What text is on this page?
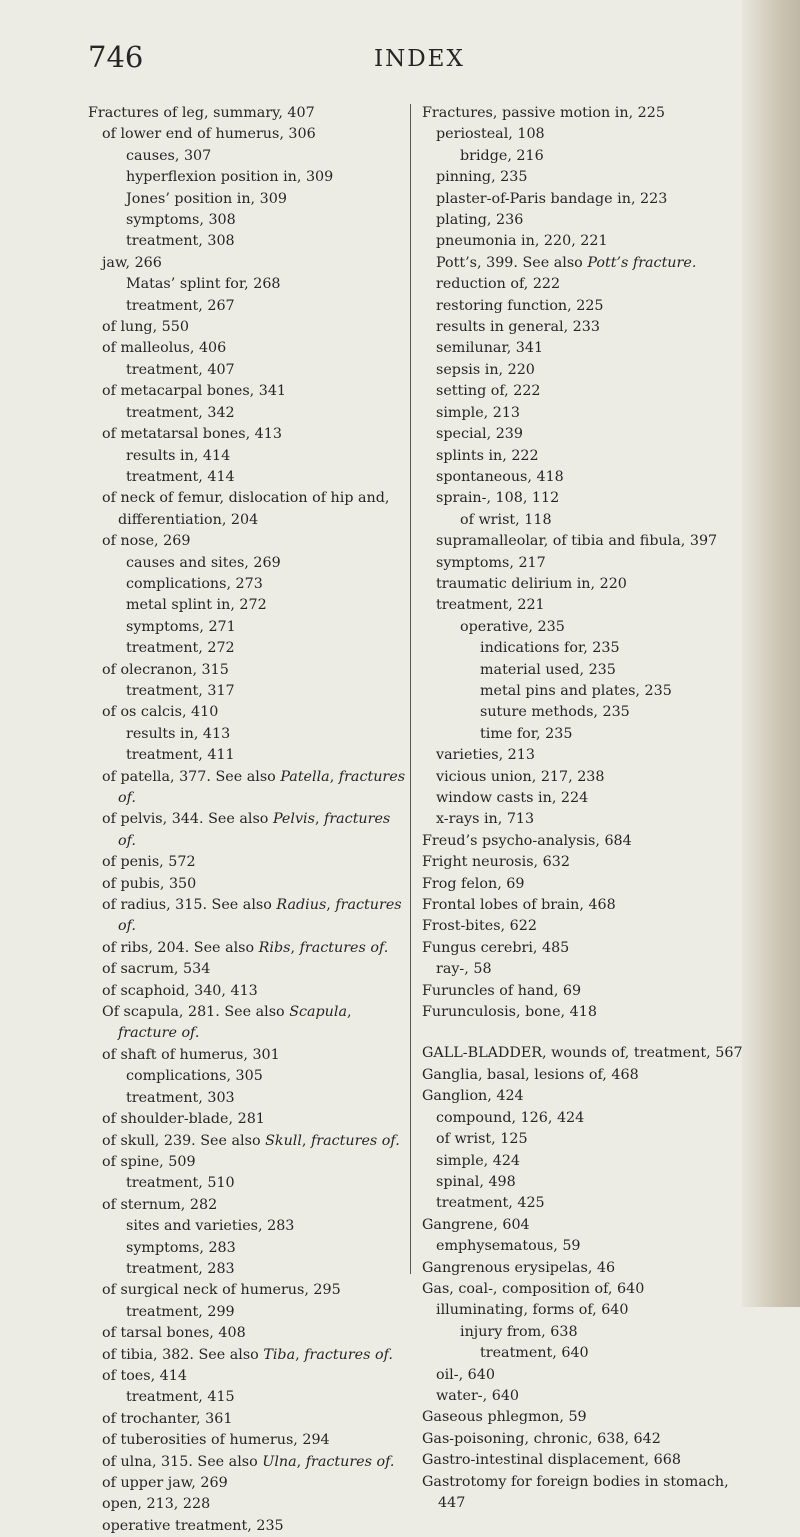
746	INDEX
Fractures of leg, summary, 407
of lower end of humerus, 306
causes, 307
hyperflexion position in, 309
Jones’ position in, 309
symptoms, 308
treatment, 308
jaw, 266
Matas’ splint for, 268
treatment, 267
of lung, 550
of malleolus, 406
treatment, 407
of metacarpal bones, 341
treatment, 342
of metatarsal bones, 413
results in, 414
treatment, 414
of neck of femur, dislocation of hip and, differentiation, 204
of nose, 269
causes and sites, 269
complications, 273
metal splint in, 272
symptoms, 271
treatment, 272
of olecranon, 315
treatment, 317
of os calcis, 410
results in, 413
treatment, 411
of patella, 377. See also Patella, fractures of.
of pelvis, 344. See also Pelvis, fractures of.
of penis, 572
of pubis, 350
of radius, 315. See also Radius, fractures of.
of ribs, 204. See also Ribs, fractures of.
of sacrum, 534
of scaphoid, 340, 413
Of scapula, 281. See also Scapula, fracture of.
of shaft of humerus, 301
complications, 305
treatment, 303
of shoulder-blade, 281
of skull, 239. See also Skull, fractures of.
of spine, 509
treatment, 510
of sternum, 282
sites and varieties, 283
symptoms, 283
treatment, 283
of surgical neck of humerus, 295
treatment, 299
of tarsal bones, 408
of tibia, 382. See also Tiba, fractures of.
of toes, 414
treatment, 415
of trochanter, 361
of tuberosities of humerus, 294
of ulna, 315. See also Ulna, fractures of.
of upper jaw, 269
open, 213, 228
operative treatment, 235
Fractures, passive motion in, 225
periosteal, 108
bridge, 216
pinning, 235
plaster-of-Paris bandage in, 223
plating, 236
pneumonia in, 220, 221
Pott’s, 399. See also Pott’s fracture.
reduction of, 222
restoring function, 225
results in general, 233
semilunar, 341
sepsis in, 220
setting of, 222
simple, 213
special, 239
splints in, 222
spontaneous, 418
sprain-, 108, 112
of wrist, 118
supramalleolar, of tibia and fibula, 397
symptoms, 217
traumatic delirium in, 220
treatment, 221
operative, 235
indications for, 235
material used, 235
metal pins and plates, 235
suture methods, 235
time for, 235
varieties, 213
vicious union, 217, 238
window casts in, 224
x-rays in, 713
Freud’s psycho-analysis, 684
Fright neurosis, 632
Frog felon, 69
Frontal lobes of brain, 468
Frost-bites, 622
Fungus cerebri, 485
ray-, 58
Furuncles of hand, 69
Furunculosis, bone, 418
GALL-BLADDER, wounds of, treatment, 567
Ganglia, basal, lesions of, 468
Ganglion, 424
compound, 126, 424
of wrist, 125
simple, 424
spinal, 498
treatment, 425
Gangrene, 604
emphysematous, 59
Gangrenous erysipelas, 46
Gas, coal-, composition of, 640
illuminating, forms of, 640
injury from, 638
treatment, 640
oil-, 640
water-, 640
Gaseous phlegmon, 59
Gas-poisoning, chronic, 638, 642
Gastro-intestinal displacement, 668
Gastrotomy for foreign bodies in stomach, 447
